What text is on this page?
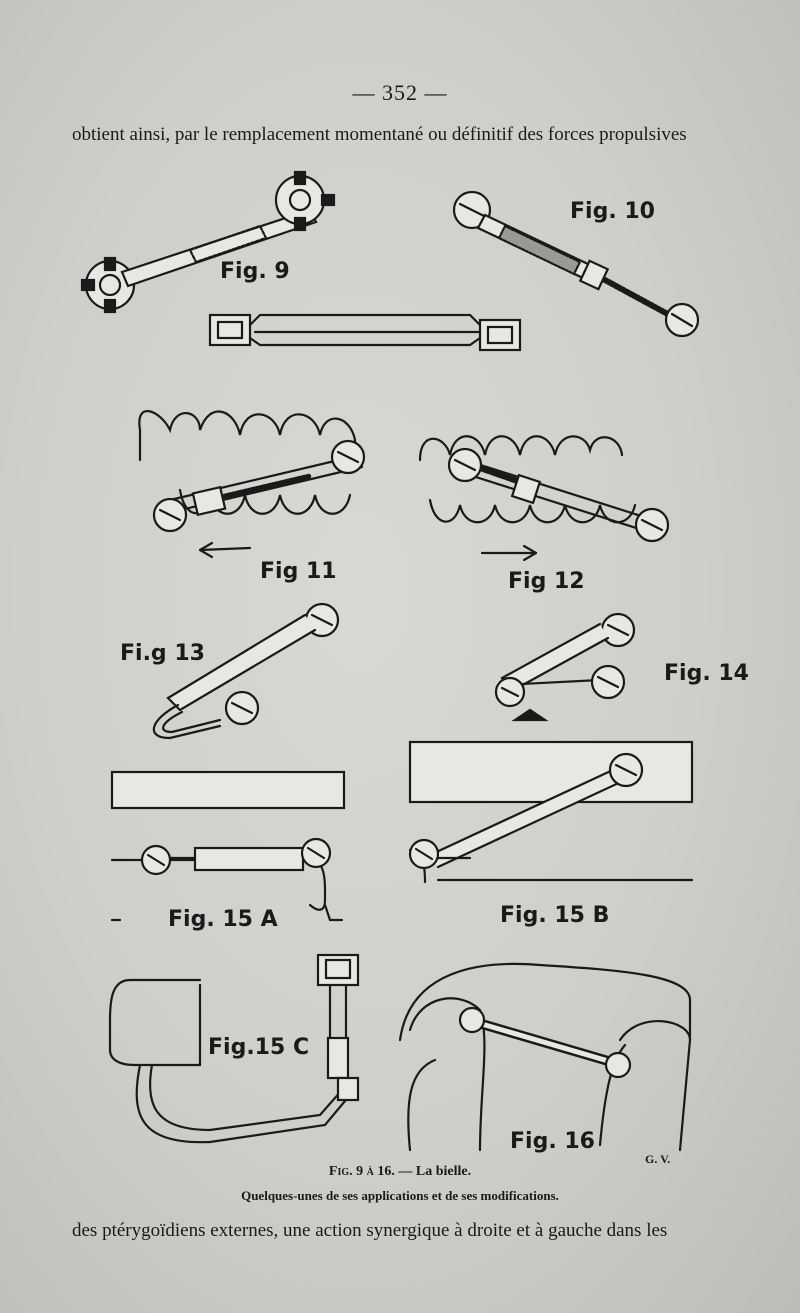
— 352 —
obtient ainsi, par le remplacement momentané ou définitif des forces propulsives
Fig. 9
Fig. 10
Fig 11	Fig 12
Fi.g 13
Fig. 14
Fig. 15 A	Fig. 15 B
Fig.15 C
Fig. 16
G. V.
Fig. 9 à 16. — La bielle.
Quelques-unes de ses applications et de ses modifications.
des ptérygoïdiens externes, une action synergique à droite et à gauche dans les
